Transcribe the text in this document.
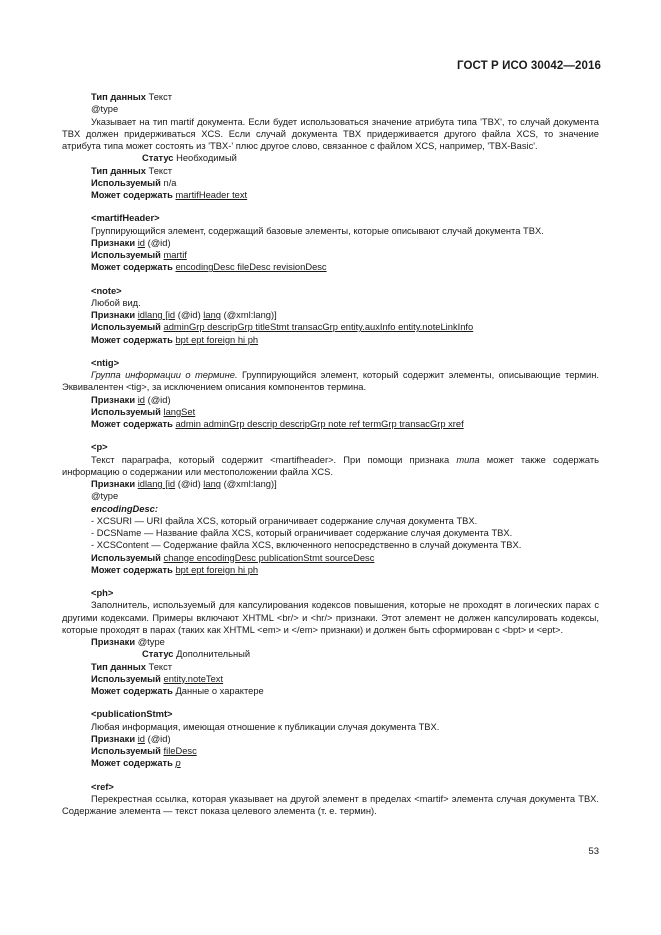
ГОСТ Р ИСО 30042—2016

Тип данных Текст

@type

Указывает на тип martif документа. Если будет использоваться значение атрибута типа 'TBX', то случай документа TBX должен придерживаться XCS. Если случай документа TBX придерживается другого файла XCS, то значение атрибута типа может состоять из 'TBX-' плюс другое слово, связанное с файлом XCS, например, 'TBX-Basic'.

Статус Необходимый

Тип данных Текст

Используемый n/a

Может содержать martifHeader text

<martifHeader>

Группирующийся элемент, содержащий базовые элементы, которые описывают случай документа TBX.

Признаки id (@id)

Используемый martif

Может содержать encodingDesc fileDesc revisionDesc

<note>

Любой вид.

Признаки idlang [id (@id) lang (@xml:lang)]

Используемый adminGrp descripGrp titleStmt transacGrp entity.auxInfo entity.noteLinkInfo

Может содержать bpt ept foreign hi ph

<ntig>

Группа информации о термине. Группирующийся элемент, который содержит элементы, описывающие термин. Эквивалентен <tig>, за исключением описания компонентов термина.

Признаки id (@id)

Используемый langSet

Может содержать admin adminGrp descrip descripGrp note ref termGrp transacGrp xref

<p>

Текст параграфа, который содержит <martifheader>. При помощи признака типа может также содержать информацию о содержании или местоположении файла XCS.

Признаки idlang [id (@id) lang (@xml:lang)]

@type

encodingDesc:

- XCSURI — URI файла XCS, который ограничивает содержание случая документа TBX.

- DCSName — Название файла XCS, который ограничивает содержание случая документа TBX.

- XCSContent — Содержание файла XCS, включенного непосредственно в случай документа TBX.

Используемый change encodingDesc publicationStmt sourceDesc

Может содержать bpt ept foreign hi ph

<ph>

Заполнитель, используемый для капсулирования кодексов повышения, которые не проходят в логических парах с другими кодексами. Примеры включают XHTML <br/> и <hr/> признаки. Этот элемент не должен капсулировать кодексы, которые проходят в парах (таких как XHTML <em> и </em> признаки) и должен быть сформирован с <bpt> и <ept>.

Признаки @type

Статус Дополнительный

Тип данных Текст

Используемый entity.noteText

Может содержать Данные о характере

<publicationStmt>

Любая информация, имеющая отношение к публикации случая документа TBX.

Признаки id (@id)

Используемый fileDesc

Может содержать p

<ref>

Перекрестная ссылка, которая указывает на другой элемент в пределах <martif> элемента случая документа TBX. Содержание элемента — текст показа целевого элемента (т. е. термин).

53
